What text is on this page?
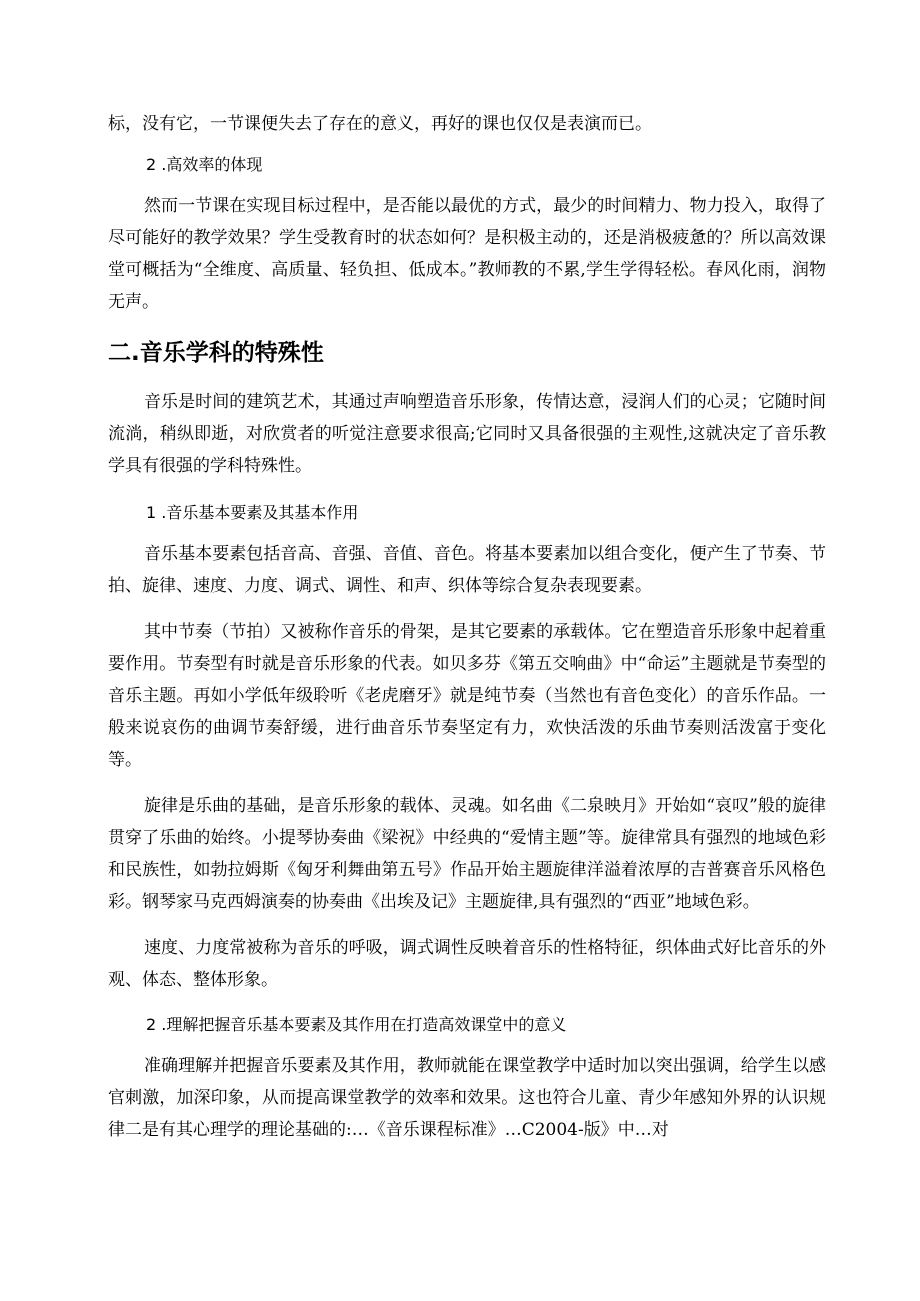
标，没有它，一节课便失去了存在的意义，再好的课也仅仅是表演而已。

2 .高效率的体现

然而一节课在实现目标过程中，是否能以最优的方式，最少的时间精力、物力投入，取得了尽可能好的教学效果？学生受教育时的状态如何？是积极主动的，还是消极疲惫的？所以高效课堂可概括为“全维度、高质量、轻负担、低成本。”教师教的不累,学生学得轻松。春风化雨，润物无声。

二.音乐学科的特殊性

音乐是时间的建筑艺术，其通过声响塑造音乐形象，传情达意，浸润人们的心灵；它随时间流淌，稍纵即逝，对欣赏者的听觉注意要求很高;它同时又具备很强的主观性,这就决定了音乐教学具有很强的学科特殊性。

1 .音乐基本要素及其基本作用

音乐基本要素包括音高、音强、音值、音色。将基本要素加以组合变化，便产生了节奏、节拍、旋律、速度、力度、调式、调性、和声、织体等综合复杂表现要素。

其中节奏（节拍）又被称作音乐的骨架，是其它要素的承载体。它在塑造音乐形象中起着重要作用。节奏型有时就是音乐形象的代表。如贝多芬《第五交响曲》中“命运”主题就是节奏型的音乐主题。再如小学低年级聆听《老虎磨牙》就是纯节奏（当然也有音色变化）的音乐作品。一般来说哀伤的曲调节奏舒缓，进行曲音乐节奏坚定有力，欢快活泼的乐曲节奏则活泼富于变化等。

旋律是乐曲的基础，是音乐形象的载体、灵魂。如名曲《二泉映月》开始如“哀叹”般的旋律贯穿了乐曲的始终。小提琴协奏曲《梁祝》中经典的“爱情主题”等。旋律常具有强烈的地域色彩和民族性，如勃拉姆斯《匈牙利舞曲第五号》作品开始主题旋律洋溢着浓厚的吉普赛音乐风格色彩。钢琴家马克西姆演奏的协奏曲《出埃及记》主题旋律,具有强烈的“西亚”地域色彩。

速度、力度常被称为音乐的呼吸，调式调性反映着音乐的性格特征，织体曲式好比音乐的外观、体态、整体形象。

2 .理解把握音乐基本要素及其作用在打造高效课堂中的意义

准确理解并把握音乐要素及其作用，教师就能在课堂教学中适时加以突出强调，给学生以感官刺激，加深印象，从而提高课堂教学的效率和效果。这也符合儿童、青少年感知外界的认识规律二是有其心理学的理论基础的:…《音乐课程标准》…C2004-版》中…对
